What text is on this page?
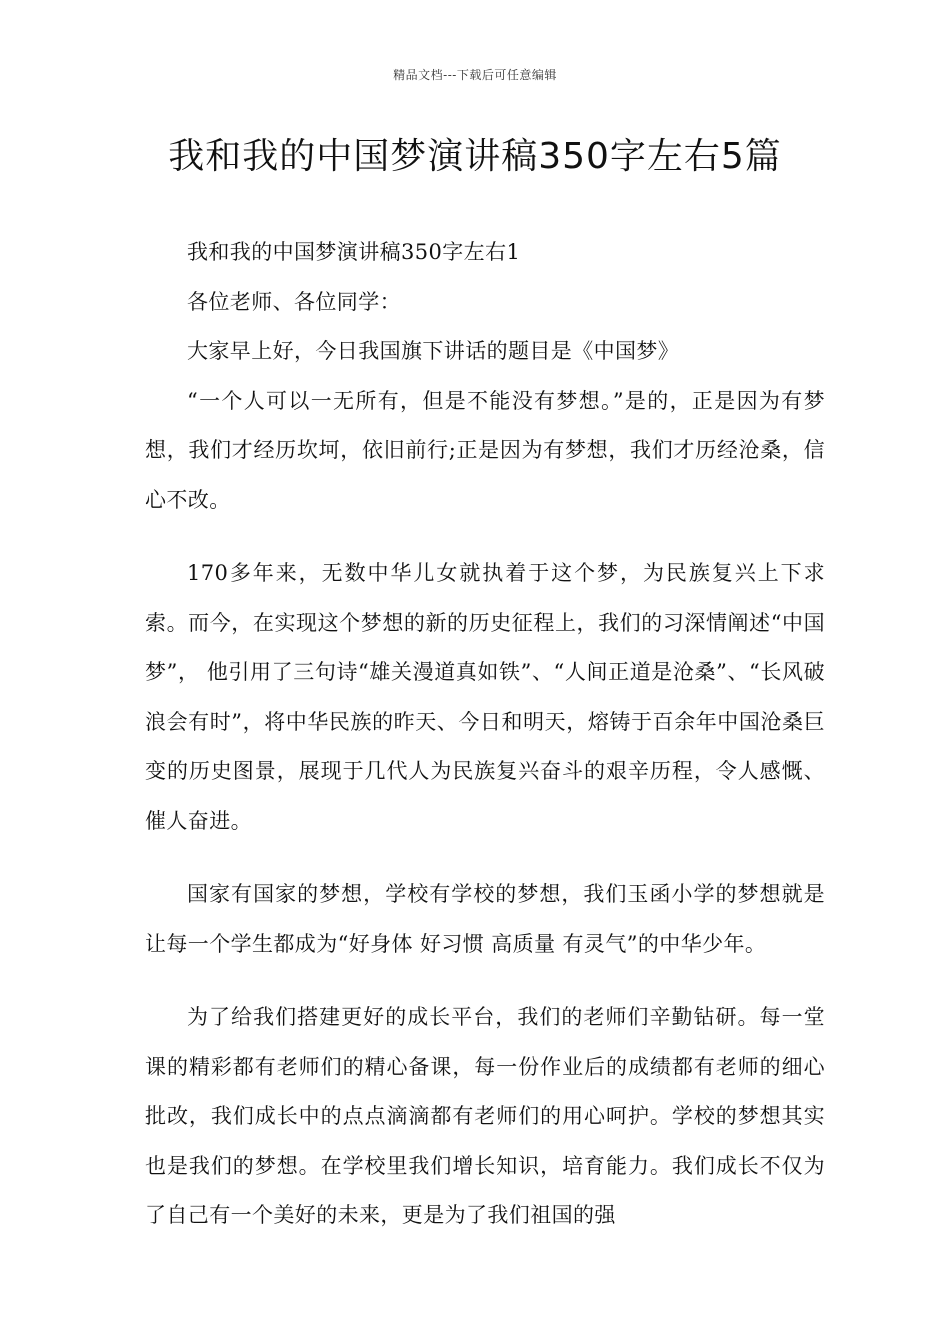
精品文档---下载后可任意编辑
我和我的中国梦演讲稿350字左右5篇

我和我的中国梦演讲稿350字左右1

各位老师、各位同学：

大家早上好，今日我国旗下讲话的题目是《中国梦》

“一个人可以一无所有，但是不能没有梦想。”是的，正是因为有梦想，我们才经历坎坷，依旧前行;正是因为有梦想，我们才历经沧桑，信心不改。

170多年来，无数中华儿女就执着于这个梦，为民族复兴上下求索。而今，在实现这个梦想的新的历史征程上，我们的习深情阐述“中国梦”， 他引用了三句诗“雄关漫道真如铁”、“人间正道是沧桑”、“长风破浪会有时”，将中华民族的昨天、今日和明天，熔铸于百余年中国沧桑巨变的历史图景，展现于几代人为民族复兴奋斗的艰辛历程，令人感慨、催人奋进。

国家有国家的梦想，学校有学校的梦想，我们玉函小学的梦想就是让每一个学生都成为“好身体 好习惯 高质量 有灵气”的中华少年。

为了给我们搭建更好的成长平台，我们的老师们辛勤钻研。每一堂课的精彩都有老师们的精心备课，每一份作业后的成绩都有老师的细心批改，我们成长中的点点滴滴都有老师们的用心呵护。学校的梦想其实也是我们的梦想。在学校里我们增长知识，培育能力。我们成长不仅为了自己有一个美好的未来，更是为了我们祖国的强
